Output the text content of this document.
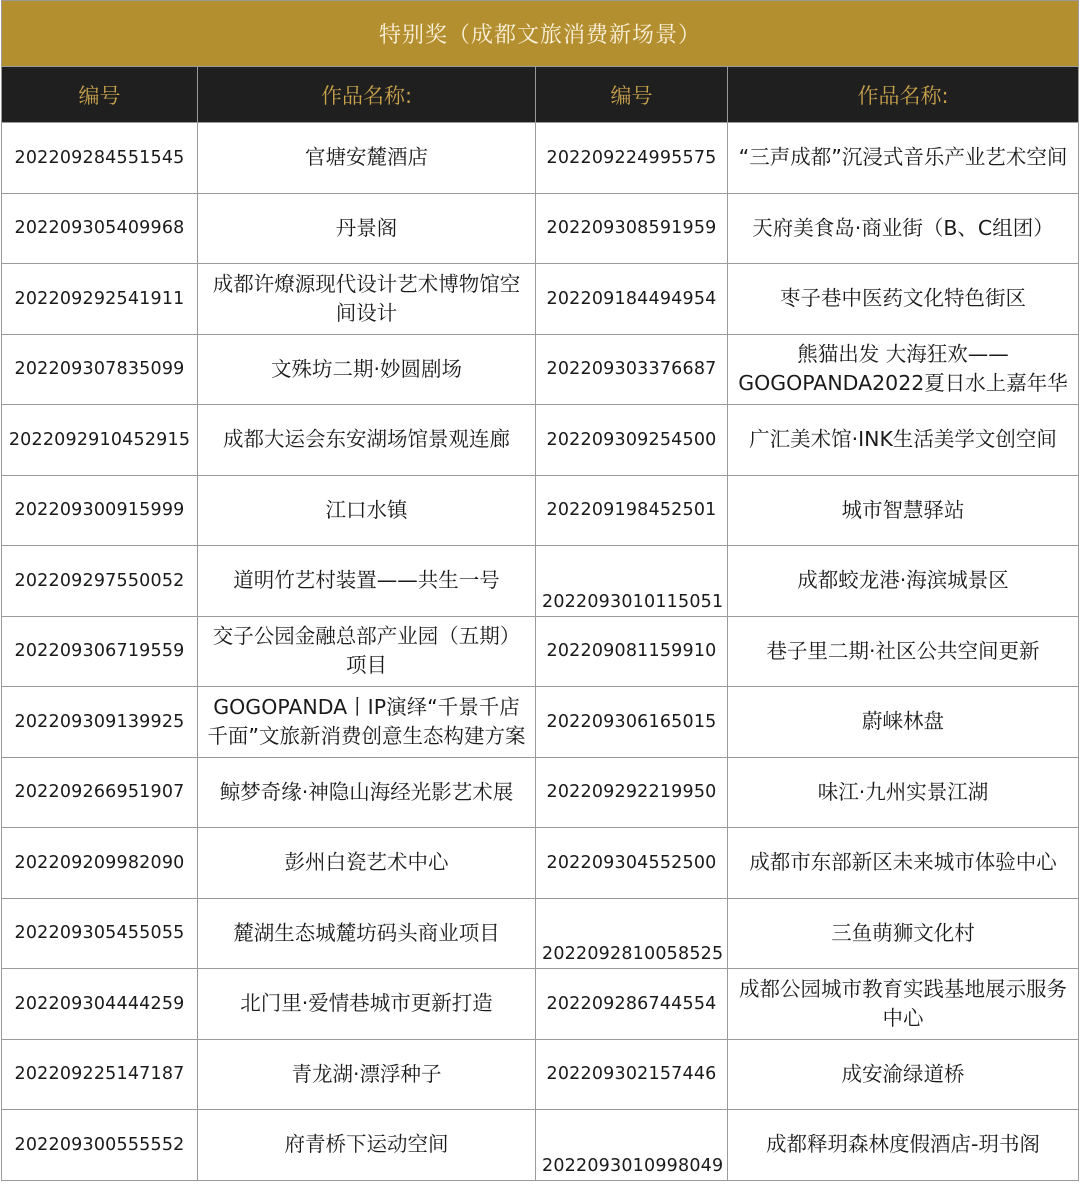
特别奖（成都文旅消费新场景）			
编号	作品名称:	编号	作品名称:
202209284551545	官塘安麓酒店	202209224995575	“三声成都”沉浸式音乐产业艺术空间
202209305409968	丹景阁	202209308591959	天府美食岛·商业街（B、C组团）
202209292541911	成都许燎源现代设计艺术博物馆空间设计	202209184494954	枣子巷中医药文化特色街区
202209307835099	文殊坊二期·妙圆剧场	202209303376687	熊猫出发 大海狂欢——GOGOPANDA2022夏日水上嘉年华
2022092910452915	成都大运会东安湖场馆景观连廊	202209309254500	广汇美术馆·INK生活美学文创空间
202209300915999	江口水镇	202209198452501	城市智慧驿站
202209297550052	道明竹艺村装置——共生一号	2022093010115051	成都蛟龙港·海滨城景区
202209306719559	交子公园金融总部产业园（五期）项目	202209081159910	巷子里二期·社区公共空间更新
202209309139925	GOGOPANDA丨IP演绎“千景千店千面”文旅新消费创意生态构建方案	202209306165015	蔚崃林盘
202209266951907	鲸梦奇缘·神隐山海经光影艺术展	202209292219950	味江·九州实景江湖
202209209982090	彭州白瓷艺术中心	202209304552500	成都市东部新区未来城市体验中心
202209305455055	麓湖生态城麓坊码头商业项目	2022092810058525	三鱼萌狮文化村
202209304444259	北门里·爱情巷城市更新打造	202209286744554	成都公园城市教育实践基地展示服务中心
202209225147187	青龙湖·漂浮种子	202209302157446	成安渝绿道桥
202209300555552	府青桥下运动空间	2022093010998049	成都释玥森林度假酒店-玥书阁
